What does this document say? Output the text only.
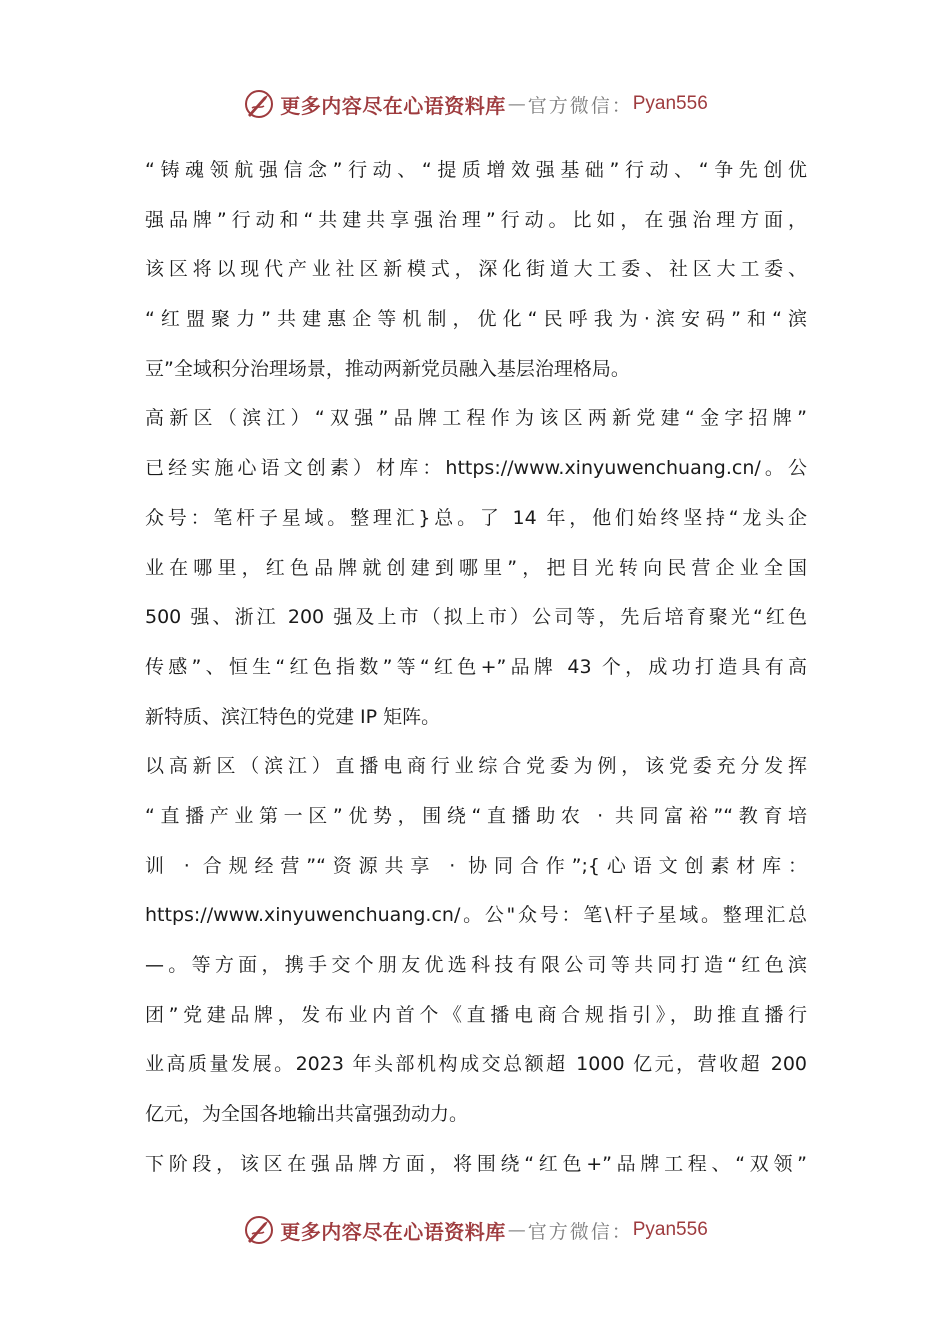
更多内容尽在心语资料库 — 官方微信： Pyan556
“铸魂领航强信念”行动、“提质增效强基础”行动、“争先创优
强品牌”行动和“共建共享强治理”行动。比如，在强治理方面，
该区将以现代产业社区新模式，深化街道大工委、社区大工委、
“红盟聚力”共建惠企等机制，优化“民呼我为·滨安码”和“滨
豆”全域积分治理场景，推动两新党员融入基层治理格局。
高新区（滨江）“双强”品牌工程作为该区两新党建“金字招牌”
已经实施心语文创素）材库：https://www.xinyuwenchuang.cn/。公
众号：笔杆子星域。整理汇}总。了 14 年，他们始终坚持“龙头企
业在哪里，红色品牌就创建到哪里”，把目光转向民营企业全国
500 强、浙江 200 强及上市（拟上市）公司等，先后培育聚光“红色
传感”、恒生“红色指数”等“红色+”品牌 43 个，成功打造具有高
新特质、滨江特色的党建 IP 矩阵。
以高新区（滨江）直播电商行业综合党委为例，该党委充分发挥
“直播产业第一区”优势，围绕“直播助农 · 共同富裕”“教育培
训 · 合规经营”“资源共享 · 协同合作”;{心语文创素材库：
https://www.xinyuwenchuang.cn/。公"众号：笔\杆子星域。整理汇总
—。等方面，携手交个朋友优选科技有限公司等共同打造“红色滨
团”党建品牌，发布业内首个《直播电商合规指引》，助推直播行
业高质量发展。2023 年头部机构成交总额超 1000 亿元，营收超 200
亿元，为全国各地输出共富强劲动力。
下阶段，该区在强品牌方面，将围绕“红色+”品牌工程、“双领”
更多内容尽在心语资料库 — 官方微信： Pyan556
